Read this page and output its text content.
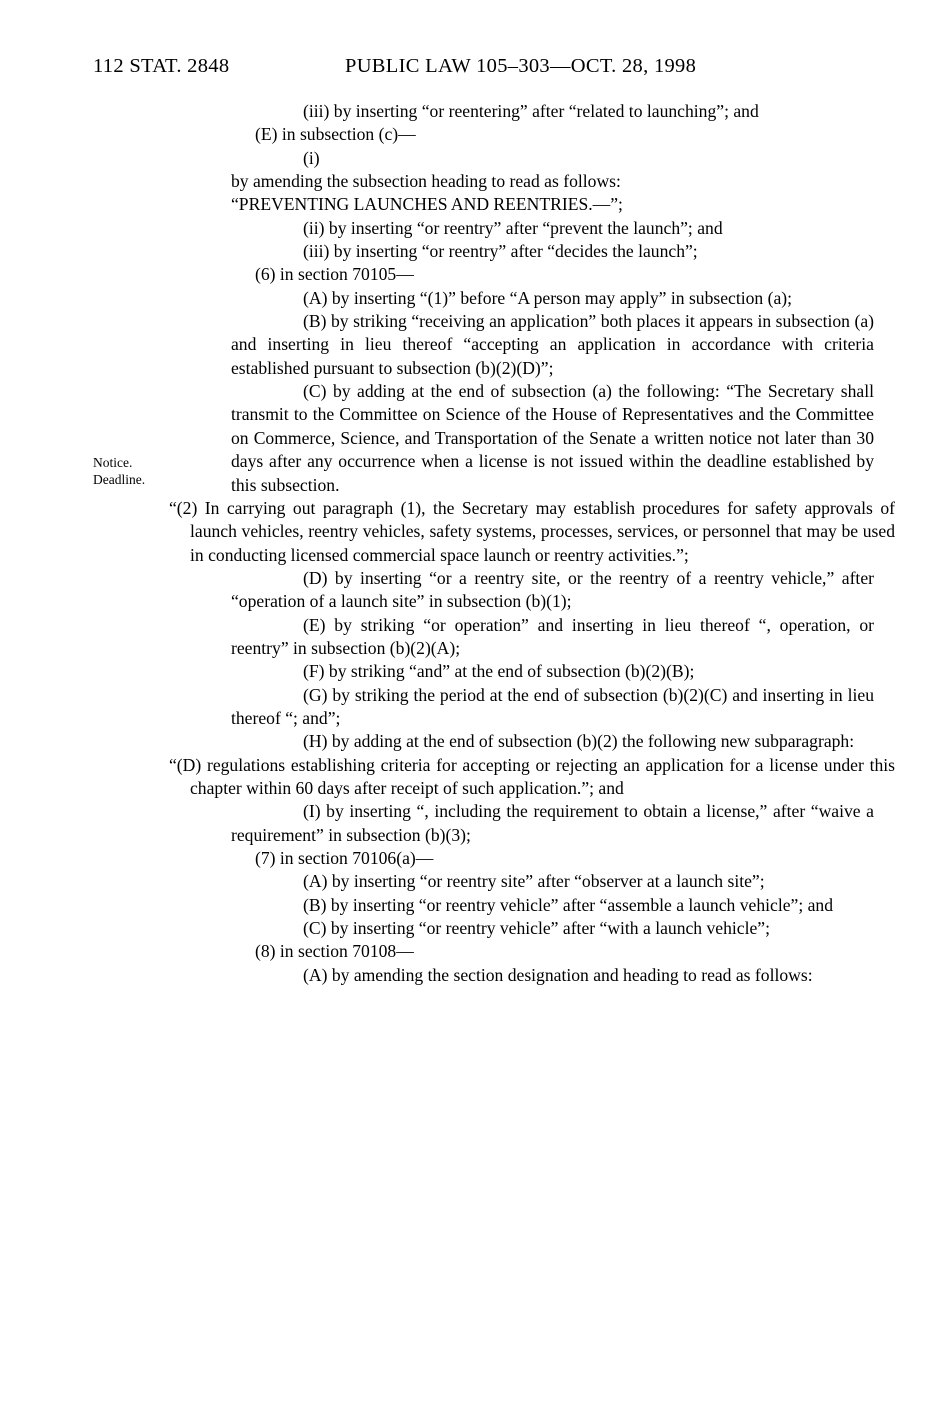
112 STAT. 2848	PUBLIC LAW 105–303—OCT. 28, 1998
Notice.
Deadline.

(iii) by inserting “or reentering” after “related to launching”; and

(E) in subsection (c)—

(i)

by amending the subsection heading to read as follows:

“PREVENTING LAUNCHES AND REENTRIES.—”;

(ii) by inserting “or reentry” after “prevent the launch”; and

(iii) by inserting “or reentry” after “decides the launch”;

(6) in section 70105—

(A) by inserting “(1)” before “A person may apply” in subsection (a);

(B) by striking “receiving an application” both places it appears in subsection (a) and inserting in lieu thereof “accepting an application in accordance with criteria established pursuant to subsection (b)(2)(D)”;

(C) by adding at the end of subsection (a) the following: “The Secretary shall transmit to the Committee on Science of the House of Representatives and the Committee on Commerce, Science, and Transportation of the Senate a written notice not later than 30 days after any occurrence when a license is not issued within the deadline established by this subsection.

“(2) In carrying out paragraph (1), the Secretary may establish procedures for safety approvals of launch vehicles, reentry vehicles, safety systems, processes, services, or personnel that may be used in conducting licensed commercial space launch or reentry activities.”;

(D) by inserting “or a reentry site, or the reentry of a reentry vehicle,” after “operation of a launch site” in subsection (b)(1);

(E) by striking “or operation” and inserting in lieu thereof “, operation, or reentry” in subsection (b)(2)(A);

(F) by striking “and” at the end of subsection (b)(2)(B);

(G) by striking the period at the end of subsection (b)(2)(C) and inserting in lieu thereof “; and”;

(H) by adding at the end of subsection (b)(2) the following new subparagraph:

“(D) regulations establishing criteria for accepting or rejecting an application for a license under this chapter within 60 days after receipt of such application.”; and

(I) by inserting “, including the requirement to obtain a license,” after “waive a requirement” in subsection (b)(3);

(7) in section 70106(a)—

(A) by inserting “or reentry site” after “observer at a launch site”;

(B) by inserting “or reentry vehicle” after “assemble a launch vehicle”; and

(C) by inserting “or reentry vehicle” after “with a launch vehicle”;

(8) in section 70108—

(A) by amending the section designation and heading to read as follows:
